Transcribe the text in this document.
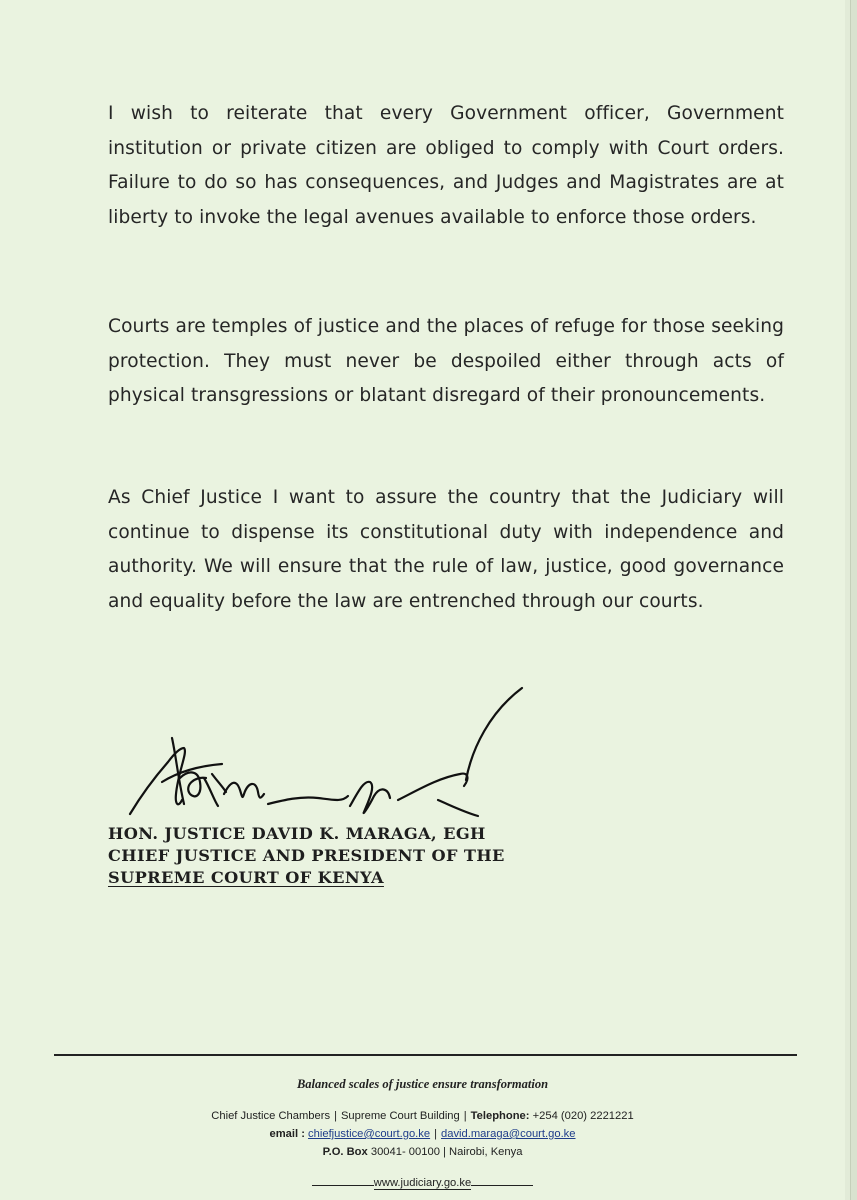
I wish to reiterate that every Government officer, Government institution or private citizen are obliged to comply with Court orders. Failure to do so has consequences, and Judges and Magistrates are at liberty to invoke the legal avenues available to enforce those orders.
Courts are temples of justice and the places of refuge for those seeking protection. They must never be despoiled either through acts of physical transgressions or blatant disregard of their pronouncements.
As Chief Justice I want to assure the country that the Judiciary will continue to dispense its constitutional duty with independence and authority. We will ensure that the rule of law, justice, good governance and equality before the law are entrenched through our courts.
HON. JUSTICE DAVID K. MARAGA, EGH
CHIEF JUSTICE AND PRESIDENT OF THE
SUPREME COURT OF KENYA
Balanced scales of justice ensure transformation
Chief Justice Chambers | Supreme Court Building | Telephone: +254 (020) 2221221
email : chiefjustice@court.go.ke | david.maraga@court.go.ke
P.O. Box 30041- 00100 | Nairobi, Kenya
www.judiciary.go.ke
